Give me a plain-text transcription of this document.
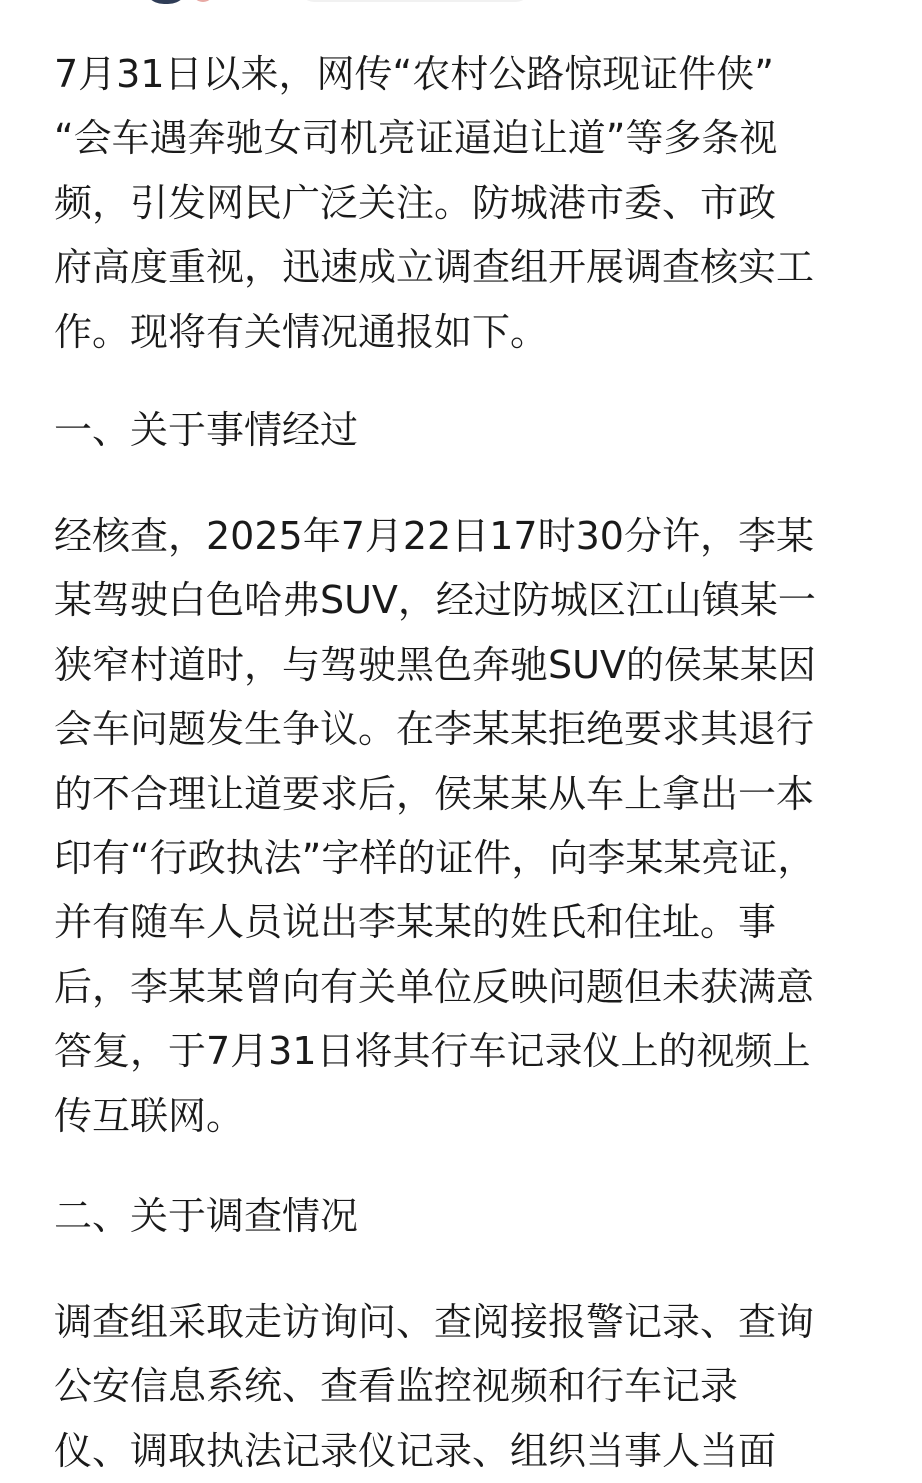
7月31日以来，网传“农村公路惊现证件侠”
“会车遇奔驰女司机亮证逼迫让道”等多条视
频，引发网民广泛关注。防城港市委、市政
府高度重视，迅速成立调查组开展调查核实工
作。现将有关情况通报如下。

一、关于事情经过

经核查，2025年7月22日17时30分许，李某
某驾驶白色哈弗SUV，经过防城区江山镇某一
狭窄村道时，与驾驶黑色奔驰SUV的侯某某因
会车问题发生争议。在李某某拒绝要求其退行
的不合理让道要求后，侯某某从车上拿出一本
印有“行政执法”字样的证件，向李某某亮证，
并有随车人员说出李某某的姓氏和住址。事
后，李某某曾向有关单位反映问题但未获满意
答复，于7月31日将其行车记录仪上的视频上
传互联网。

二、关于调查情况

调查组采取走访询问、查阅接报警记录、查询
公安信息系统、查看监控视频和行车记录
仪、调取执法记录仪记录、组织当事人当面
